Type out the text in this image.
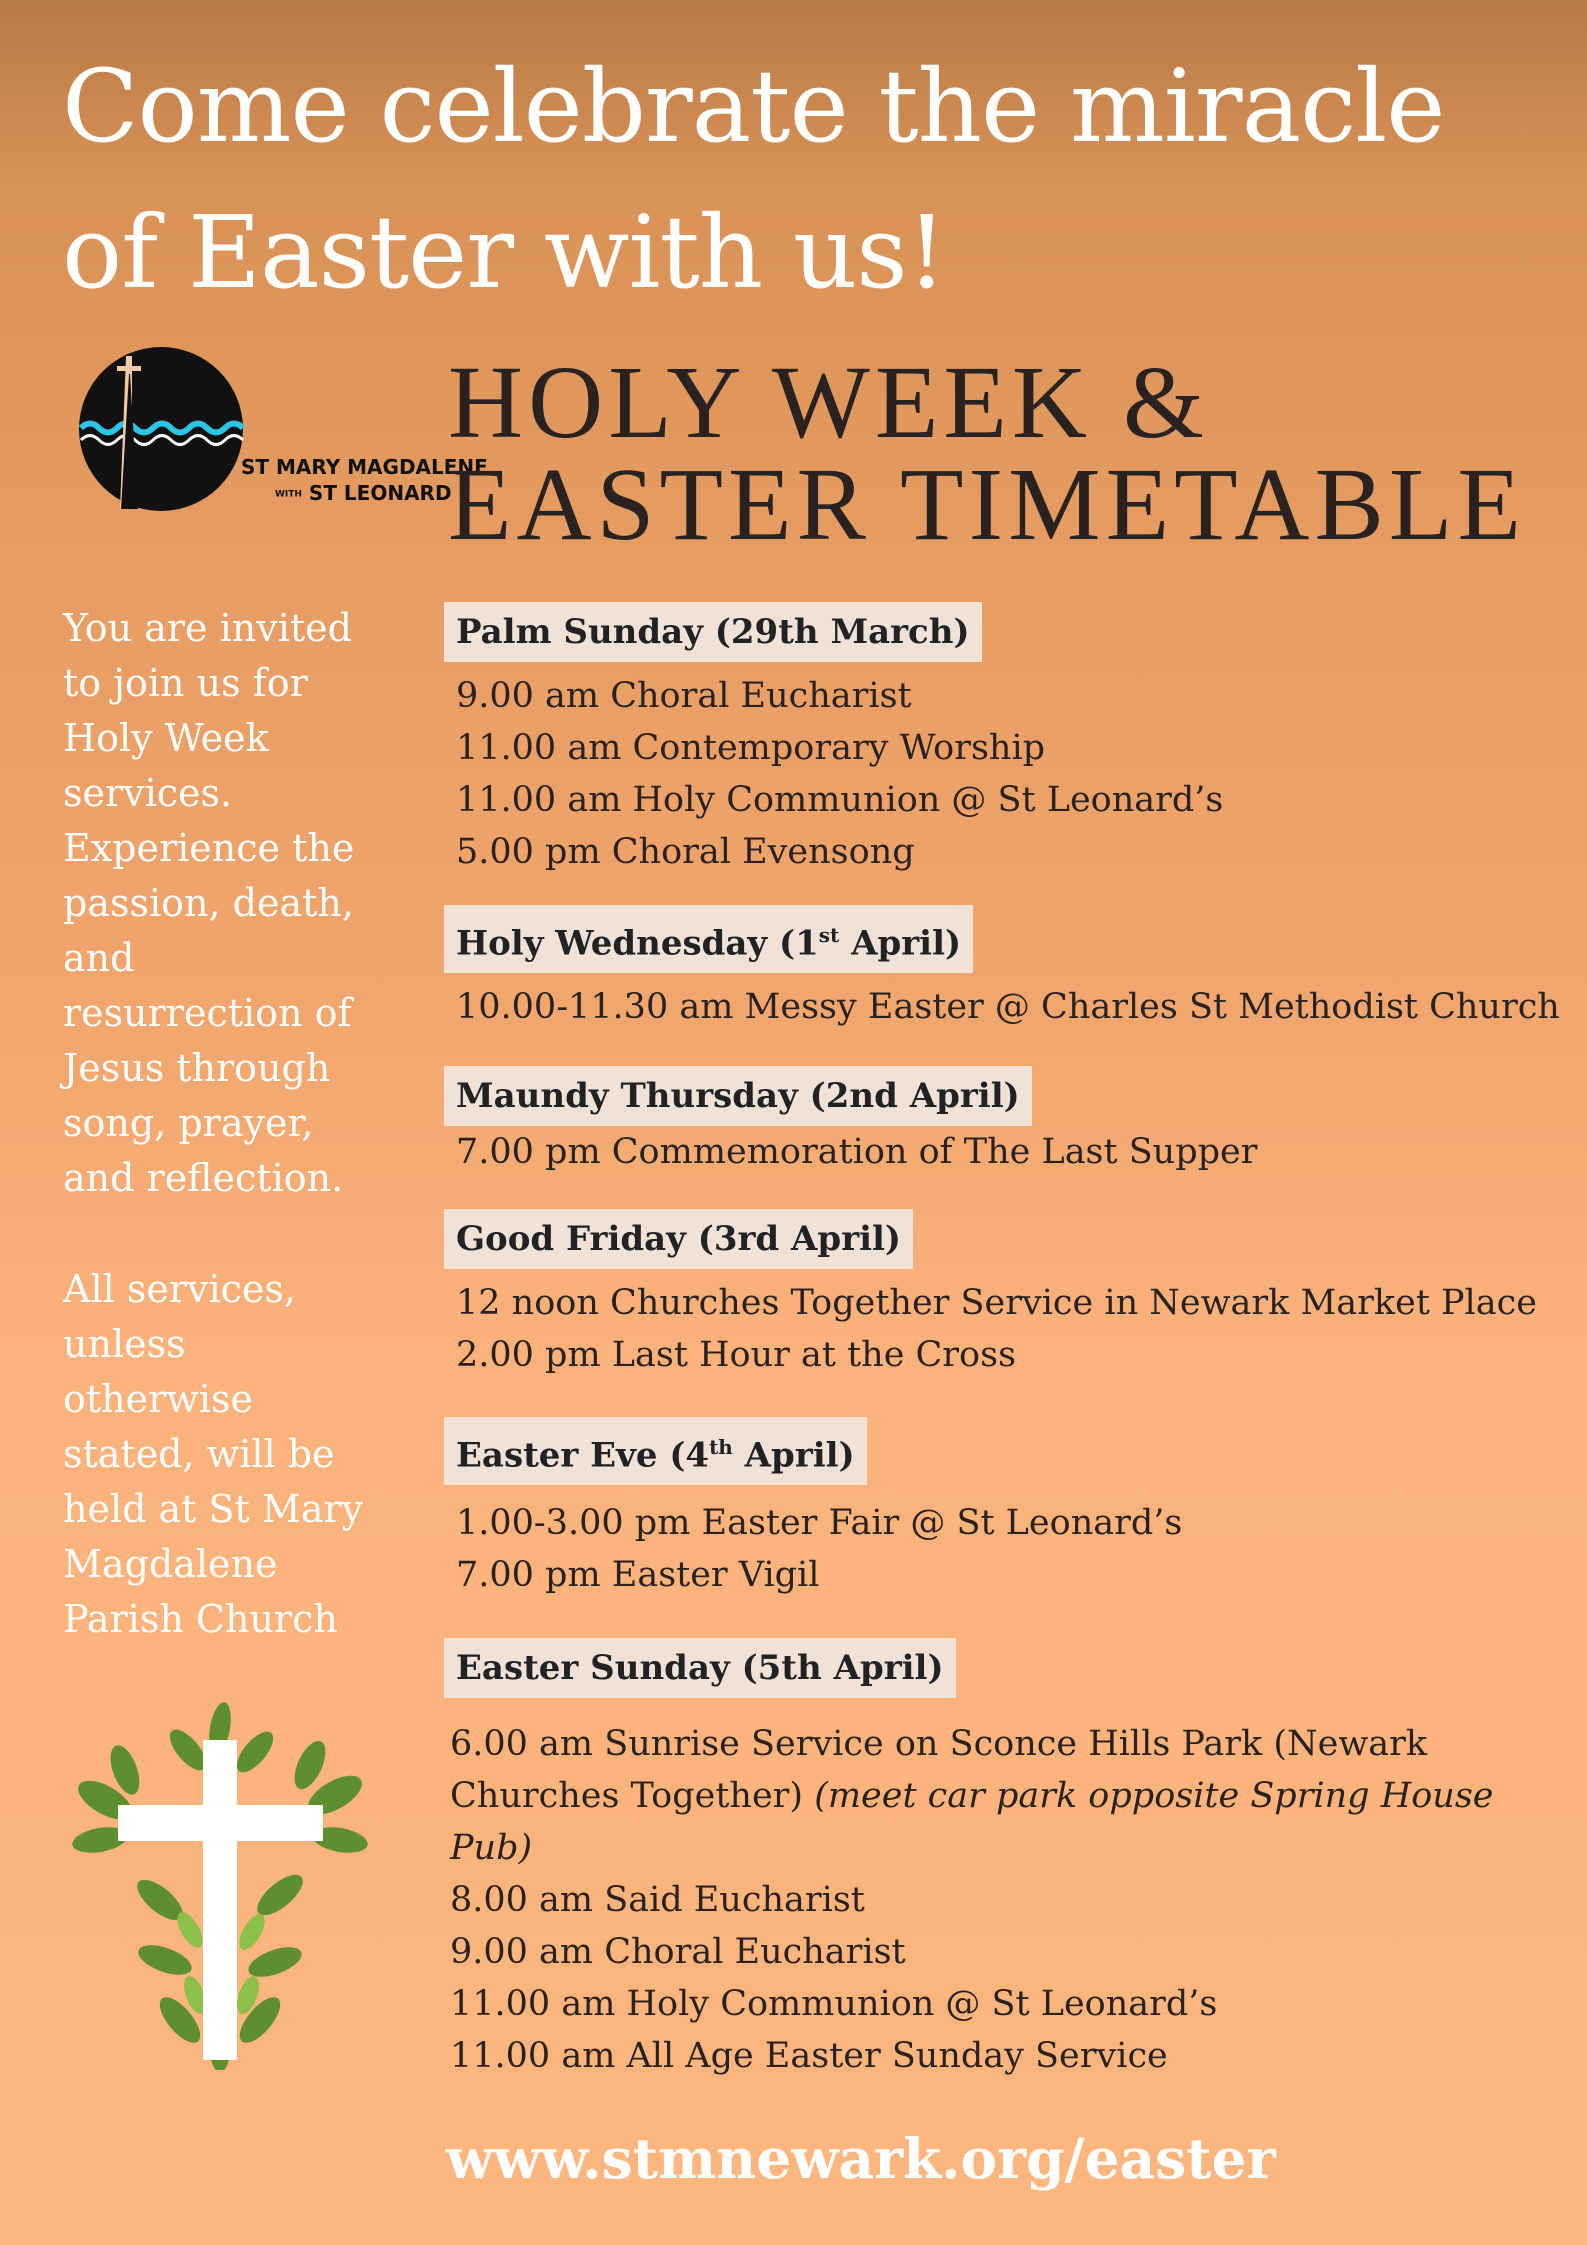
Come celebrate the miracle
of Easter with us!
ST MARY MAGDALENE
WITH ST LEONARD
HOLY WEEK &
EASTER TIMETABLE

You are invited to join us for Holy Week services. Experience the passion, death, and resurrection of Jesus through song, prayer, and reflection.

All services, unless otherwise stated, will be held at St Mary Magdalene Parish Church

Palm Sunday (29th March)
9.00 am Choral Eucharist
11.00 am Contemporary Worship
11.00 am Holy Communion @ St Leonard’s
5.00 pm Choral Evensong
Holy Wednesday (1st April)
10.00-11.30 am Messy Easter @ Charles St Methodist Church
Maundy Thursday (2nd April)
7.00 pm Commemoration of The Last Supper
Good Friday (3rd April)
12 noon Churches Together Service in Newark Market Place
2.00 pm Last Hour at the Cross
Easter Eve (4th April)
1.00-3.00 pm Easter Fair @ St Leonard’s
7.00 pm Easter Vigil
Easter Sunday (5th April)
6.00 am Sunrise Service on Sconce Hills Park (Newark Churches Together) (meet car park opposite Spring House Pub)
8.00 am Said Eucharist
9.00 am Choral Eucharist
11.00 am Holy Communion @ St Leonard’s
11.00 am All Age Easter Sunday Service
www.stmnewark.org/easter
